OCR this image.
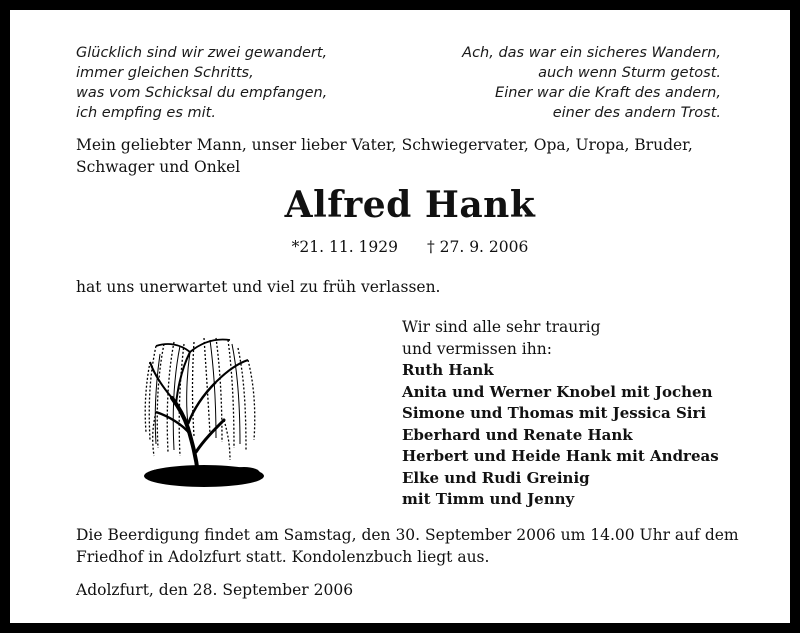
Glücklich sind wir zwei gewandert,
immer gleichen Schritts,
was vom Schicksal du empfangen,
ich empfing es mit.
Ach, das war ein sicheres Wandern,
auch wenn Sturm getost.
Einer war die Kraft des andern,
einer des andern Trost.
Mein geliebter Mann, unser lieber Vater, Schwiegervater, Opa, Uropa, Bruder, Schwager und Onkel
Alfred Hank
*21. 11. 1929 † 27. 9. 2006
hat uns unerwartet und viel zu früh verlassen.
Wir sind alle sehr traurig
und vermissen ihn:
Ruth Hank
Anita und Werner Knobel mit Jochen
Simone und Thomas mit Jessica Siri
Eberhard und Renate Hank
Herbert und Heide Hank mit Andreas
Elke und Rudi Greinig
mit Timm und Jenny
Die Beerdigung findet am Samstag, den 30. September 2006 um 14.00 Uhr auf dem Friedhof in Adolzfurt statt. Kondolenzbuch liegt aus.
Adolzfurt, den 28. September 2006
